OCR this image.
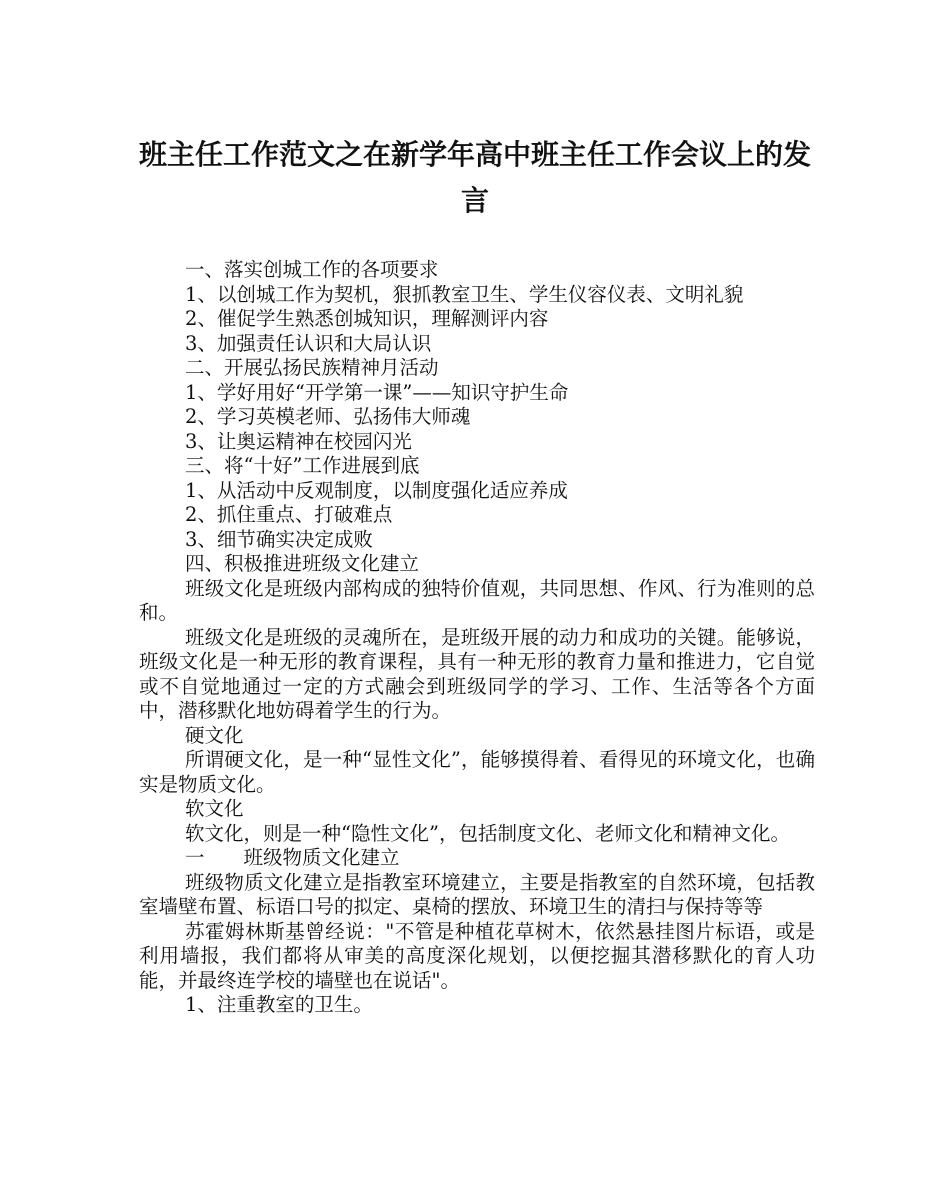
班主任工作范文之在新学年高中班主任工作会议上的发言

一、落实创城工作的各项要求

1、以创城工作为契机，狠抓教室卫生、学生仪容仪表、文明礼貌

2、催促学生熟悉创城知识，理解测评内容

3、加强责任认识和大局认识

二、开展弘扬民族精神月活动

1、学好用好“开学第一课”——知识守护生命

2、学习英模老师、弘扬伟大师魂

3、让奥运精神在校园闪光

三、将“十好”工作进展到底

1、从活动中反观制度，以制度强化适应养成

2、抓住重点、打破难点

3、细节确实决定成败

四、积极推进班级文化建立

班级文化是班级内部构成的独特价值观，共同思想、作风、行为准则的总和。

班级文化是班级的灵魂所在，是班级开展的动力和成功的关键。能够说，班级文化是一种无形的教育课程，具有一种无形的教育力量和推进力，它自觉或不自觉地通过一定的方式融会到班级同学的学习、工作、生活等各个方面中，潜移默化地妨碍着学生的行为。

硬文化

所谓硬文化，是一种“显性文化”，能够摸得着、看得见的环境文化，也确实是物质文化。

软文化

软文化，则是一种“隐性文化”，包括制度文化、老师文化和精神文化。

一　　班级物质文化建立

班级物质文化建立是指教室环境建立，主要是指教室的自然环境，包括教室墙壁布置、标语口号的拟定、桌椅的摆放、环境卫生的清扫与保持等等

苏霍姆林斯基曾经说："不管是种植花草树木，依然悬挂图片标语，或是利用墙报，我们都将从审美的高度深化规划，以便挖掘其潜移默化的育人功能，并最终连学校的墙壁也在说话"。

1、注重教室的卫生。
